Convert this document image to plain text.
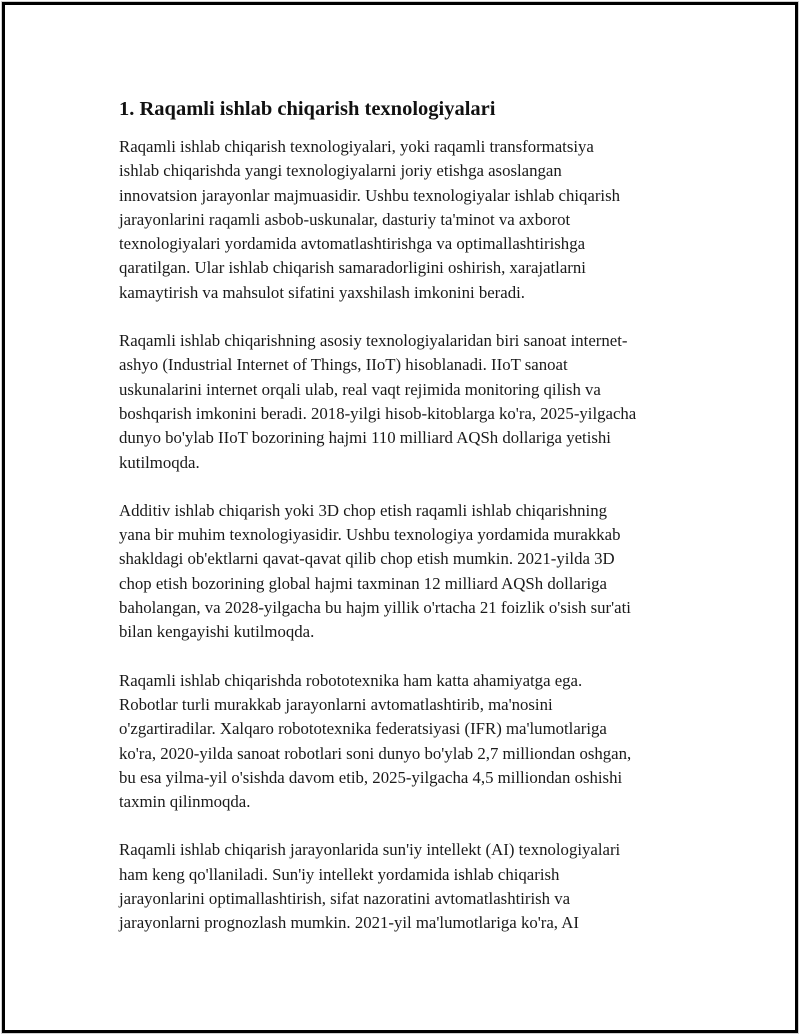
1. Raqamli ishlab chiqarish texnologiyalari

Raqamli ishlab chiqarish texnologiyalari, yoki raqamli transformatsiya
ishlab chiqarishda yangi texnologiyalarni joriy etishga asoslangan
innovatsion jarayonlar majmuasidir. Ushbu texnologiyalar ishlab chiqarish
jarayonlarini raqamli asbob-uskunalar, dasturiy ta'minot va axborot
texnologiyalari yordamida avtomatlashtirishga va optimallashtirishga
qaratilgan. Ular ishlab chiqarish samaradorligini oshirish, xarajatlarni
kamaytirish va mahsulot sifatini yaxshilash imkonini beradi.

Raqamli ishlab chiqarishning asosiy texnologiyalaridan biri sanoat internet-
ashyo (Industrial Internet of Things, IIoT) hisoblanadi. IIoT sanoat
uskunalarini internet orqali ulab, real vaqt rejimida monitoring qilish va
boshqarish imkonini beradi. 2018-yilgi hisob-kitoblarga ko'ra, 2025-yilgacha
dunyo bo'ylab IIoT bozorining hajmi 110 milliard AQSh dollariga yetishi
kutilmoqda.

Additiv ishlab chiqarish yoki 3D chop etish raqamli ishlab chiqarishning
yana bir muhim texnologiyasidir. Ushbu texnologiya yordamida murakkab
shakldagi ob'ektlarni qavat-qavat qilib chop etish mumkin. 2021-yilda 3D
chop etish bozorining global hajmi taxminan 12 milliard AQSh dollariga
baholangan, va 2028-yilgacha bu hajm yillik o'rtacha 21 foizlik o'sish sur'ati
bilan kengayishi kutilmoqda.

Raqamli ishlab chiqarishda robototexnika ham katta ahamiyatga ega.
Robotlar turli murakkab jarayonlarni avtomatlashtirib, ma'nosini
o'zgartiradilar. Xalqaro robototexnika federatsiyasi (IFR) ma'lumotlariga
ko'ra, 2020-yilda sanoat robotlari soni dunyo bo'ylab 2,7 milliondan oshgan,
bu esa yilma-yil o'sishda davom etib, 2025-yilgacha 4,5 milliondan oshishi
taxmin qilinmoqda.

Raqamli ishlab chiqarish jarayonlarida sun'iy intellekt (AI) texnologiyalari
ham keng qo'llaniladi. Sun'iy intellekt yordamida ishlab chiqarish
jarayonlarini optimallashtirish, sifat nazoratini avtomatlashtirish va
jarayonlarni prognozlash mumkin. 2021-yil ma'lumotlariga ko'ra, AI
